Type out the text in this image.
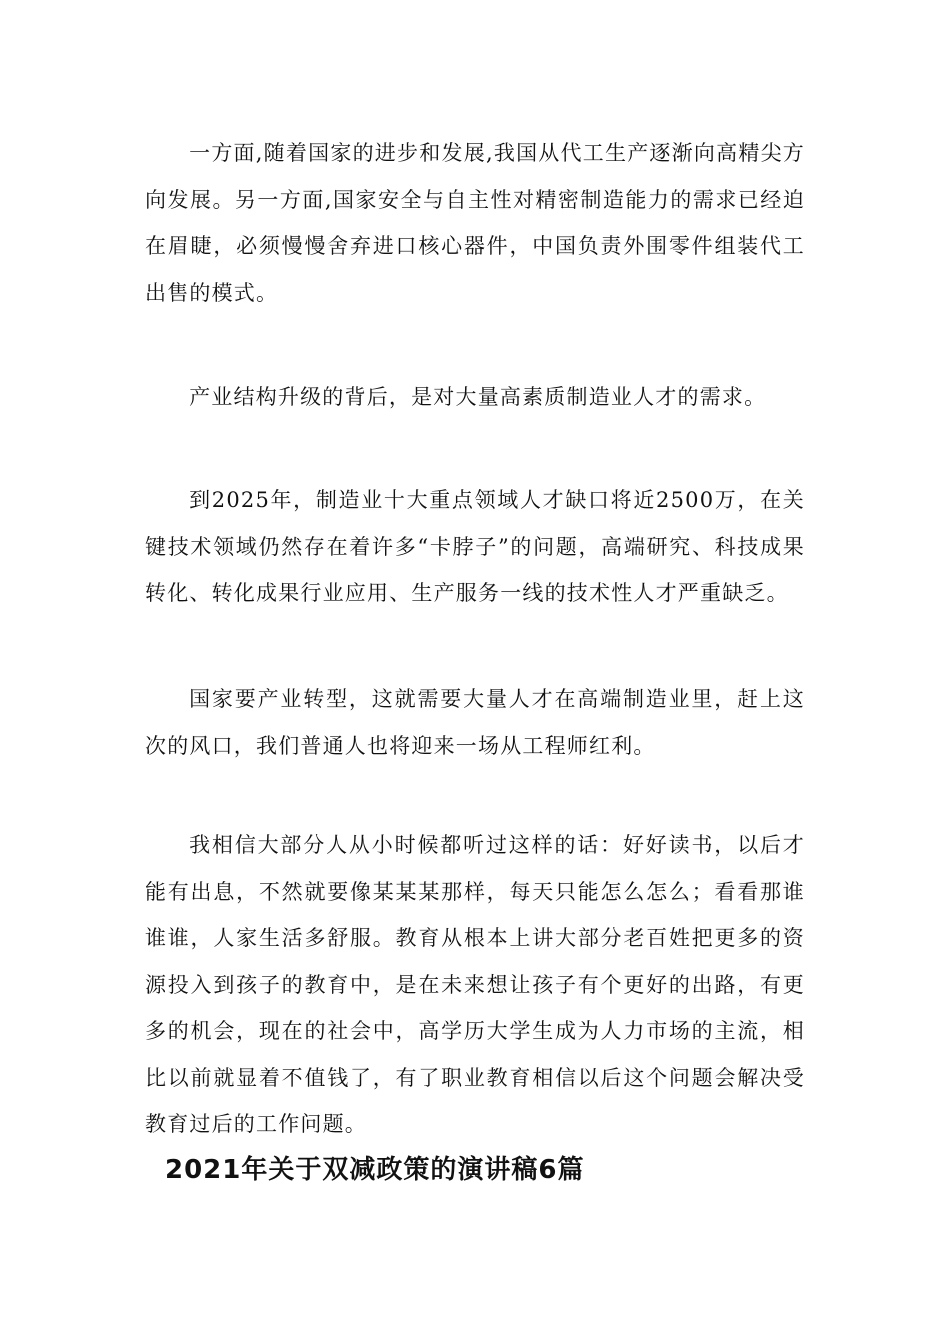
一方面,随着国家的进步和发展,我国从代工生产逐渐向高精尖方向发展。另一方面,国家安全与自主性对精密制造能力的需求已经迫在眉睫，必须慢慢舍弃进口核心器件，中国负责外围零件组装代工出售的模式。

产业结构升级的背后，是对大量高素质制造业人才的需求。

到2025年，制造业十大重点领域人才缺口将近2500万，在关键技术领域仍然存在着许多“卡脖子”的问题，高端研究、科技成果转化、转化成果行业应用、生产服务一线的技术性人才严重缺乏。

国家要产业转型，这就需要大量人才在高端制造业里，赶上这次的风口，我们普通人也将迎来一场从工程师红利。

我相信大部分人从小时候都听过这样的话：好好读书，以后才能有出息，不然就要像某某某那样，每天只能怎么怎么；看看那谁谁谁，人家生活多舒服。教育从根本上讲大部分老百姓把更多的资源投入到孩子的教育中，是在未来想让孩子有个更好的出路，有更多的机会，现在的社会中，高学历大学生成为人力市场的主流，相比以前就显着不值钱了，有了职业教育相信以后这个问题会解决受教育过后的工作问题。

2021年关于双减政策的演讲稿6篇
